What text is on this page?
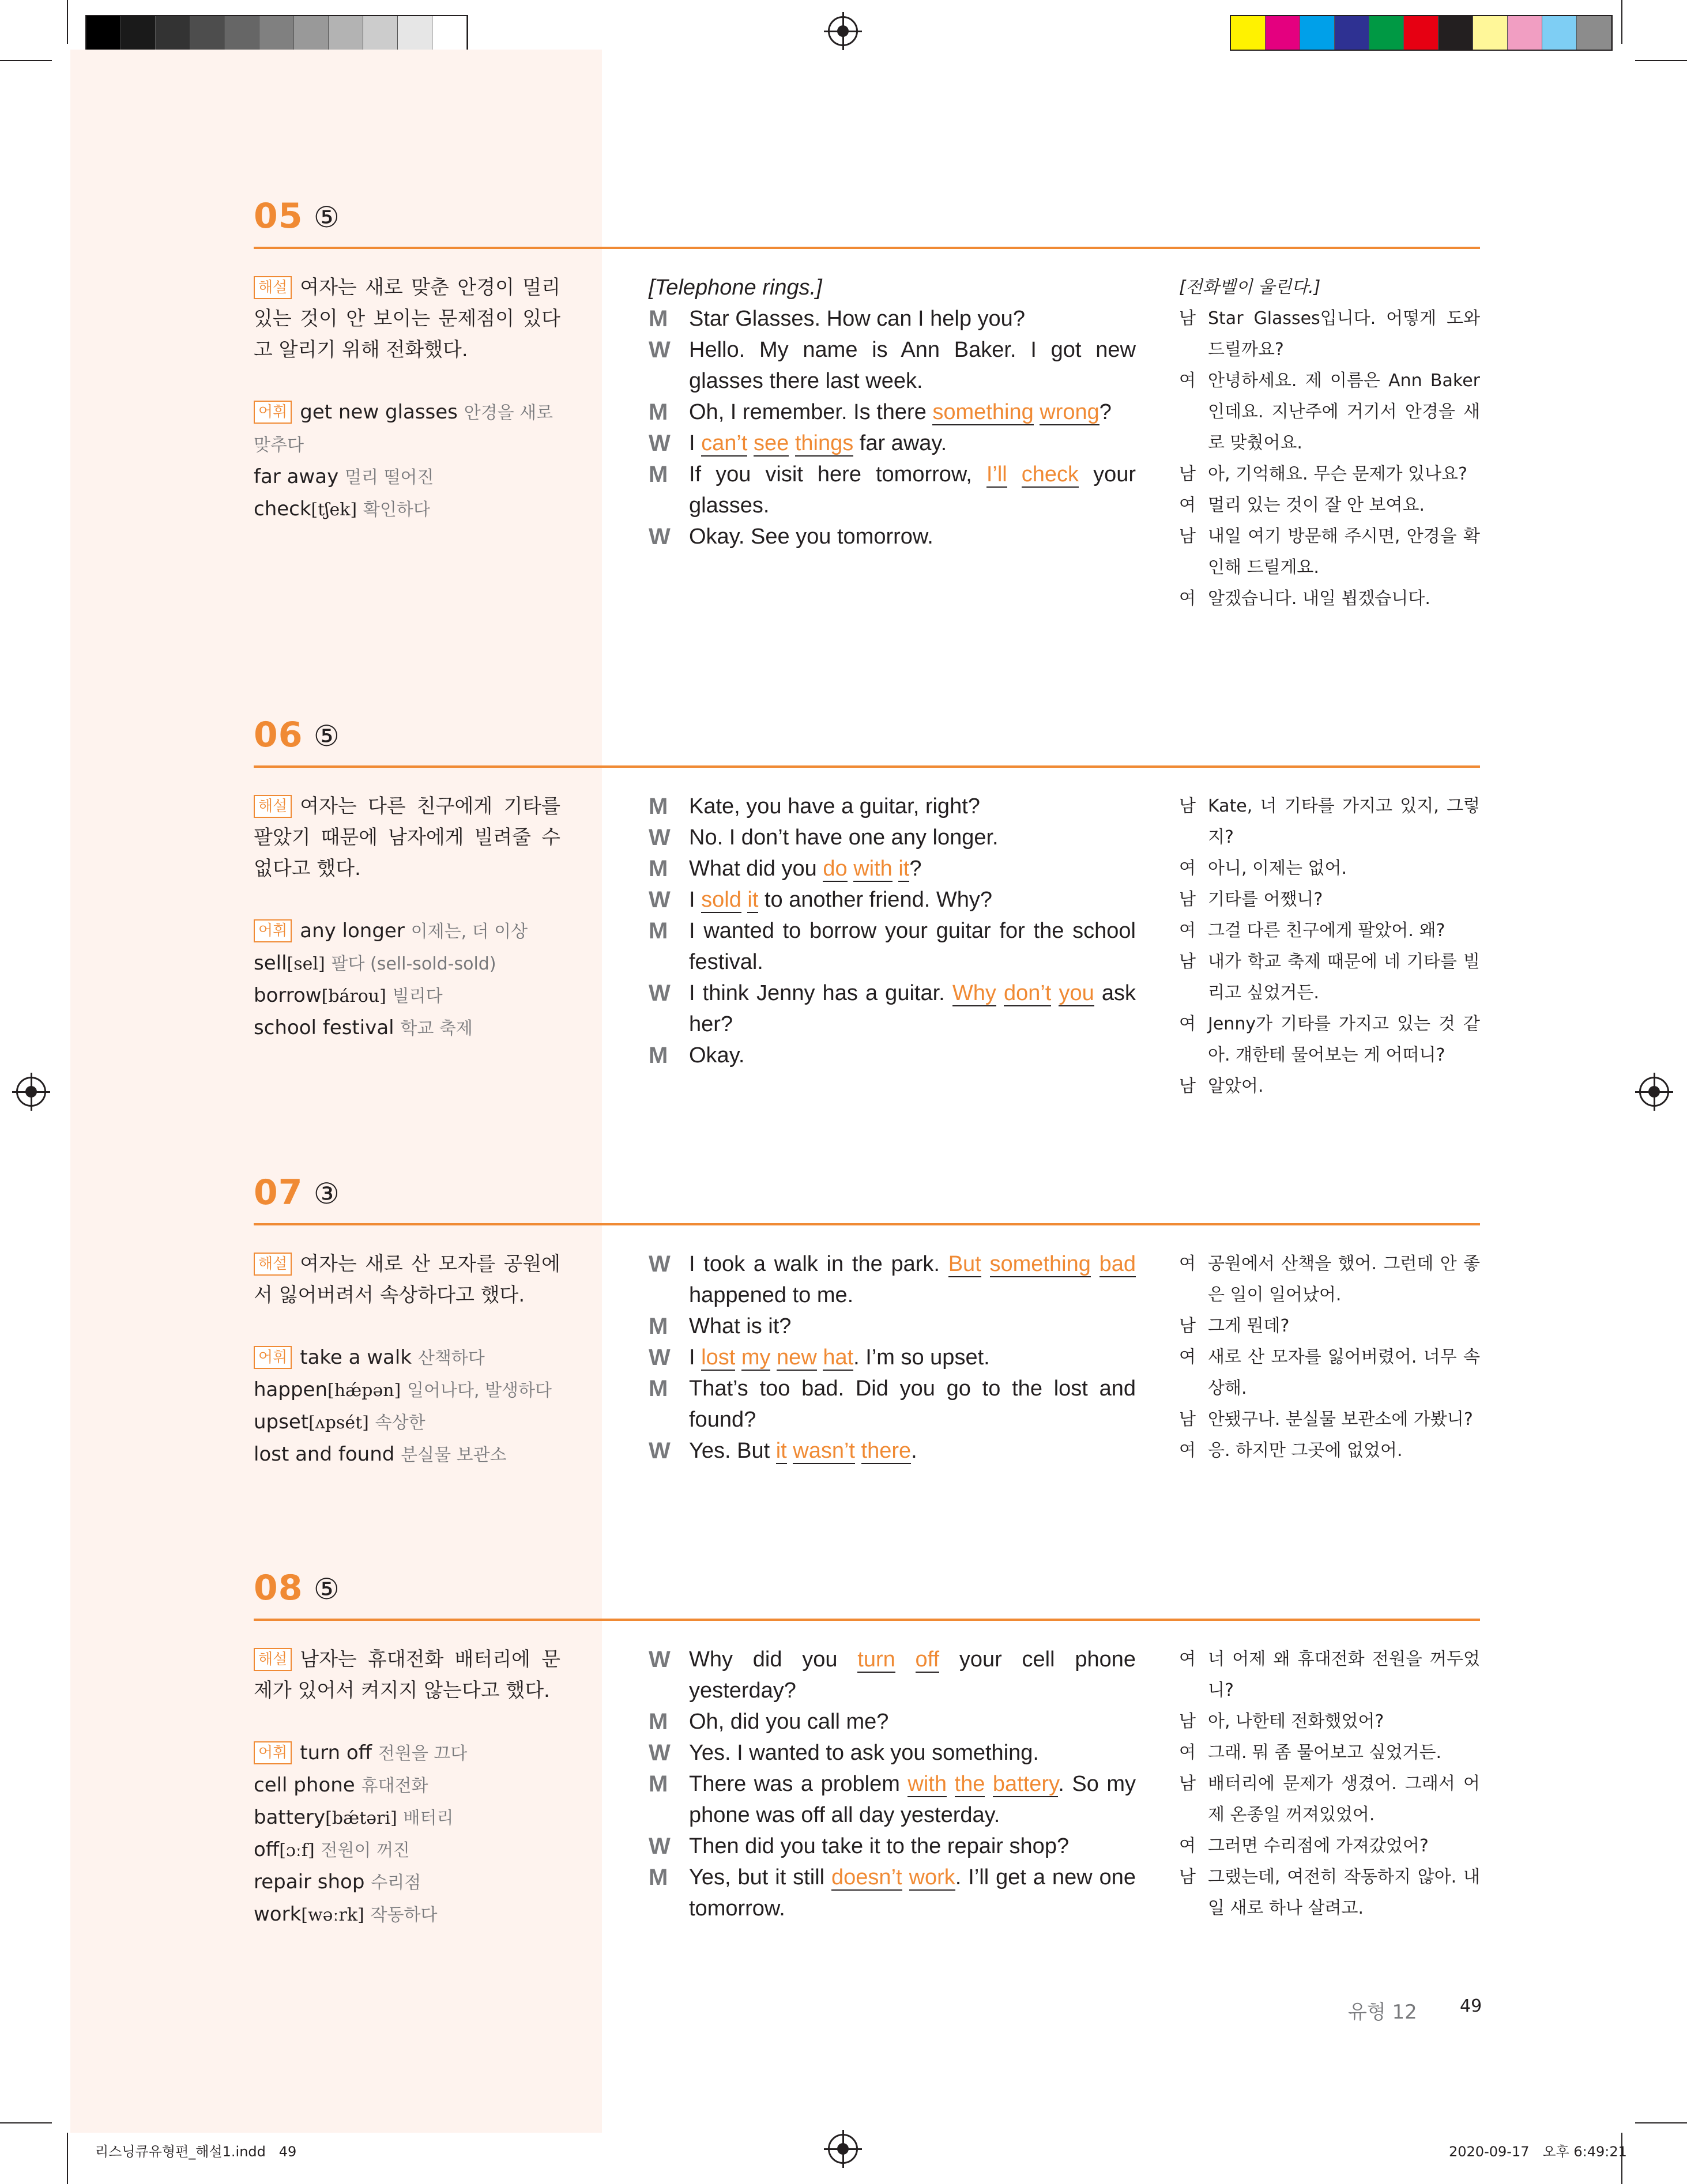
05 ⑤
해설 여자는 새로 맞춘 안경이 멀리 있는 것이 안 보이는 문제점이 있다고 알리기 위해 전화했다.
어휘 get new glasses 안경을 새로 맞추다
far away 멀리 떨어진
check[tʃek] 확인하다
[Telephone rings.]
M Star Glasses. How can I help you?
W Hello. My name is Ann Baker. I got new glasses there last week.
M Oh, I remember. Is there something wrong?
W I can’t see things far away.
M If you visit here tomorrow, I’ll check your glasses.
W Okay. See you tomorrow.
[전화벨이 울린다.]
남 Star Glasses입니다. 어떻게 도와 드릴까요?
여 안녕하세요. 제 이름은 Ann Baker인데요. 지난주에 거기서 안경을 새로 맞췄어요.
남 아, 기억해요. 무슨 문제가 있나요?
여 멀리 있는 것이 잘 안 보여요.
남 내일 여기 방문해 주시면, 안경을 확인해 드릴게요.
여 알겠습니다. 내일 뵙겠습니다.
06 ⑤
해설 여자는 다른 친구에게 기타를 팔았기 때문에 남자에게 빌려줄 수 없다고 했다.
어휘 any longer 이제는, 더 이상
sell[sel] 팔다 (sell-sold-sold)
borrow[bárou] 빌리다
school festival 학교 축제
M Kate, you have a guitar, right?
W No. I don’t have one any longer.
M What did you do with it?
W I sold it to another friend. Why?
M I wanted to borrow your guitar for the school festival.
W I think Jenny has a guitar. Why don’t you ask her?
M Okay.
남 Kate, 너 기타를 가지고 있지, 그렇지?
여 아니, 이제는 없어.
남 기타를 어쨌니?
여 그걸 다른 친구에게 팔았어. 왜?
남 내가 학교 축제 때문에 네 기타를 빌리고 싶었거든.
여 Jenny가 기타를 가지고 있는 것 같아. 걔한테 물어보는 게 어떠니?
남 알았어.
07 ③
해설 여자는 새로 산 모자를 공원에서 잃어버려서 속상하다고 했다.
어휘 take a walk 산책하다
happen[hǽpən] 일어나다, 발생하다
upset[ʌpsét] 속상한
lost and found 분실물 보관소
W I took a walk in the park. But something bad happened to me.
M What is it?
W I lost my new hat. I’m so upset.
M That’s too bad. Did you go to the lost and found?
W Yes. But it wasn’t there.
여 공원에서 산책을 했어. 그런데 안 좋은 일이 일어났어.
남 그게 뭔데?
여 새로 산 모자를 잃어버렸어. 너무 속상해.
남 안됐구나. 분실물 보관소에 가봤니?
여 응. 하지만 그곳에 없었어.
08 ⑤
해설 남자는 휴대전화 배터리에 문제가 있어서 켜지지 않는다고 했다.
어휘 turn off 전원을 끄다
cell phone 휴대전화
battery[bǽtəri] 배터리
off[ɔːf] 전원이 꺼진
repair shop 수리점
work[wəːrk] 작동하다
W Why did you turn off your cell phone yesterday?
M Oh, did you call me?
W Yes. I wanted to ask you something.
M There was a problem with the battery. So my phone was off all day yesterday.
W Then did you take it to the repair shop?
M Yes, but it still doesn’t work. I’ll get a new one tomorrow.
여 너 어제 왜 휴대전화 전원을 꺼두었니?
남 아, 나한테 전화했었어?
여 그래. 뭐 좀 물어보고 싶었거든.
남 배터리에 문제가 생겼어. 그래서 어제 온종일 꺼져있었어.
여 그러면 수리점에 가져갔었어?
남 그랬는데, 여전히 작동하지 않아. 내일 새로 하나 살려고.
유형 12 49
리스닝큐유형편_해설1.indd   49	2020-09-17   오후 6:49:21
